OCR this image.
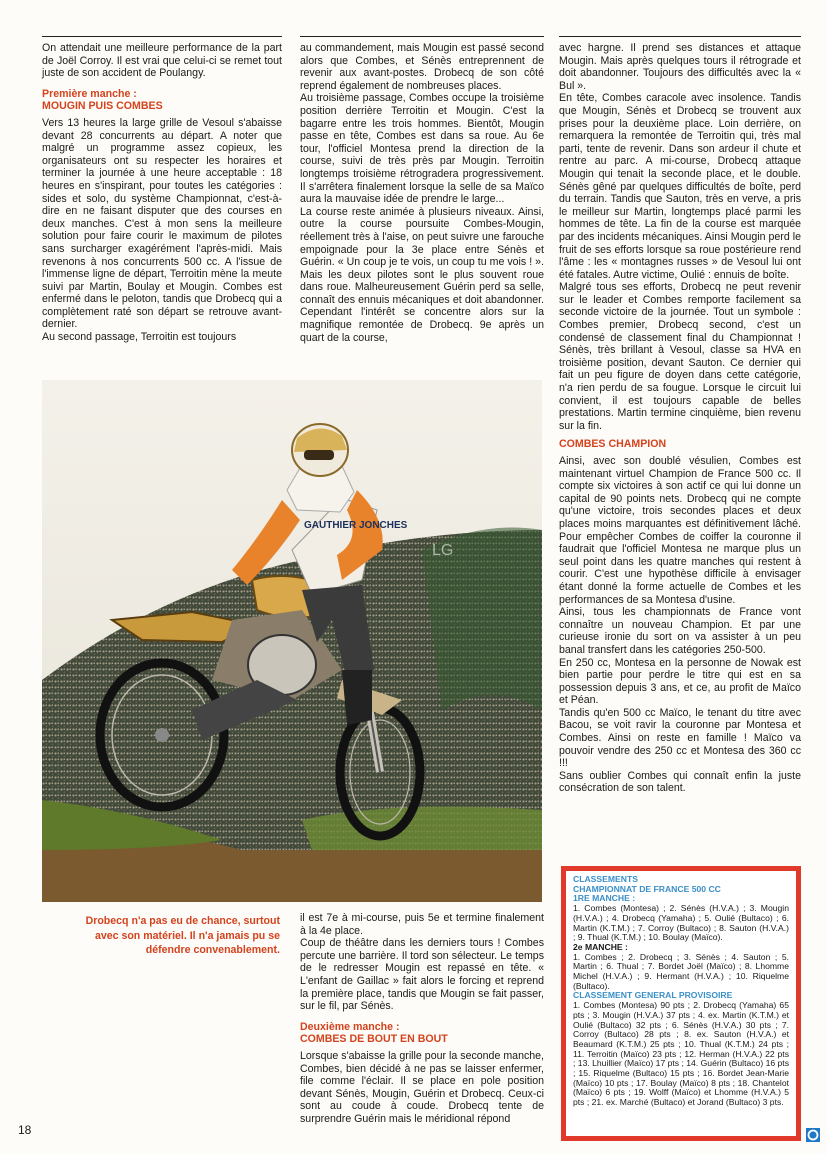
On attendait une meilleure performance de la part de Joël Corroy. Il est vrai que celui-ci se remet tout juste de son accident de Poulangy.

Première manche :

MOUGIN PUIS COMBES

Vers 13 heures la large grille de Vesoul s'abaisse devant 28 concurrents au départ. A noter que malgré un programme assez copieux, les organisateurs ont su respecter les horaires et terminer la journée à une heure acceptable : 18 heures en s'inspirant, pour toutes les catégories : sides et solo, du système Championnat, c'est-à-dire en ne faisant disputer que des courses en deux manches. C'est à mon sens la meilleure solution pour faire courir le maximum de pilotes sans surcharger exagérément l'après-midi. Mais revenons à nos concurrents 500 cc. A l'issue de l'immense ligne de départ, Terroitin mène la meute suivi par Martin, Boulay et Mougin. Combes est enfermé dans le peloton, tandis que Drobecq qui a complètement raté son départ se retrouve avant-dernier.

Au second passage, Terroitin est toujours

au commandement, mais Mougin est passé second alors que Combes, et Sénès entreprennent de revenir aux avant-postes. Drobecq de son côté reprend également de nombreuses places.

Au troisième passage, Combes occupe la troisième position derrière Terroitin et Mougin. C'est la bagarre entre les trois hommes. Bientôt, Mougin passe en tête, Combes est dans sa roue. Au 6e tour, l'officiel Montesa prend la direction de la course, suivi de très près par Mougin. Terroitin longtemps troisième rétrogradera progressivement. Il s'arrêtera finalement lorsque la selle de sa Maïco aura la mauvaise idée de prendre le large...

La course reste animée à plusieurs niveaux. Ainsi, outre la course poursuite Combes-Mougin, réellement très à l'aise, on peut suivre une farouche empoignade pour la 3e place entre Sénès et Guérin. « Un coup je te vois, un coup tu me vois ! ». Mais les deux pilotes sont le plus souvent roue dans roue. Malheureusement Guérin perd sa selle, connaît des ennuis mécaniques et doit abandonner. Cependant l'intérêt se concentre alors sur la magnifique remontée de Drobecq. 9e après un quart de la course,

GAUTHIER JONCHES
LG
Drobecq n'a pas eu de chance, surtout avec son matériel. Il n'a jamais pu se défendre convenablement.

il est 7e à mi-course, puis 5e et termine finalement à la 4e place.

Coup de théâtre dans les derniers tours ! Combes percute une barrière. Il tord son sélecteur. Le temps de le redresser Mougin est repassé en tête. « L'enfant de Gaillac » fait alors le forcing et reprend la première place, tandis que Mougin se fait passer, sur le fil, par Sénès.

Deuxième manche :

COMBES DE BOUT EN BOUT

Lorsque s'abaisse la grille pour la seconde manche, Combes, bien décidé à ne pas se laisser enfermer, file comme l'éclair. Il se place en pole position devant Sénès, Mougin, Guérin et Drobecq. Ceux-ci sont au coude à coude. Drobecq tente de surprendre Guérin mais le méridional répond

avec hargne. Il prend ses distances et attaque Mougin. Mais après quelques tours il rétrograde et doit abandonner. Toujours des difficultés avec la « Bul ».

En tête, Combes caracole avec insolence. Tandis que Mougin, Sénès et Drobecq se trouvent aux prises pour la deuxième place. Loin derrière, on remarquera la remontée de Terroitin qui, très mal parti, tente de revenir. Dans son ardeur il chute et rentre au parc. A mi-course, Drobecq attaque Mougin qui tenait la seconde place, et le double. Sénès gêné par quelques difficultés de boîte, perd du terrain. Tandis que Sauton, très en verve, a pris le meilleur sur Martin, longtemps placé parmi les hommes de tête. La fin de la course est marquée par des incidents mécaniques. Ainsi Mougin perd le fruit de ses efforts lorsque sa roue postérieure rend l'âme : les « montagnes russes » de Vesoul lui ont été fatales. Autre victime, Oulié : ennuis de boîte.

Malgré tous ses efforts, Drobecq ne peut revenir sur le leader et Combes remporte facilement sa seconde victoire de la journée. Tout un symbole : Combes premier, Drobecq second, c'est un condensé de classement final du Championnat ! Sénès, très brillant à Vesoul, classe sa HVA en troisième position, devant Sauton. Ce dernier qui fait un peu figure de doyen dans cette catégorie, n'a rien perdu de sa fougue. Lorsque le circuit lui convient, il est toujours capable de belles prestations. Martin termine cinquième, bien revenu sur la fin.

COMBES CHAMPION

Ainsi, avec son doublé vésulien, Combes est maintenant virtuel Champion de France 500 cc. Il compte six victoires à son actif ce qui lui donne un capital de 90 points nets. Drobecq qui ne compte qu'une victoire, trois secondes places et deux places moins marquantes est définitivement lâché. Pour empêcher Combes de coiffer la couronne il faudrait que l'officiel Montesa ne marque plus un seul point dans les quatre manches qui restent à courir. C'est une hypothèse difficile à envisager étant donné la forme actuelle de Combes et les performances de sa Montesa d'usine.

Ainsi, tous les championnats de France vont connaître un nouveau Champion. Et par une curieuse ironie du sort on va assister à un peu banal transfert dans les catégories 250-500.

En 250 cc, Montesa en la personne de Nowak est bien partie pour perdre le titre qui est en sa possession depuis 3 ans, et ce, au profit de Maïco et Péan.

Tandis qu'en 500 cc Maïco, le tenant du titre avec Bacou, se voit ravir la couronne par Montesa et Combes. Ainsi on reste en famille ! Maïco va pouvoir vendre des 250 cc et Montesa des 360 cc !!!

Sans oublier Combes qui connaît enfin la juste consécration de son talent.

CLASSEMENTS

CHAMPIONNAT DE FRANCE 500 CC

1RE MANCHE :

1. Combes (Montesa) ; 2. Sénès (H.V.A.) ; 3. Mougin (H.V.A.) ; 4. Drobecq (Yamaha) ; 5. Oulié (Bultaco) ; 6. Martin (K.T.M.) ; 7. Corroy (Bultaco) ; 8. Sauton (H.V.A.) ; 9. Thual (K.T.M.) ; 10. Boulay (Maïco).

2e MANCHE :

1. Combes ; 2. Drobecq ; 3. Sénès ; 4. Sauton ; 5. Martin ; 6. Thual ; 7. Bordet Joël (Maïco) ; 8. Lhomme Michel (H.V.A.) ; 9. Hermant (H.V.A.) ; 10. Riquelme (Bultaco).

CLASSEMENT GENERAL PROVISOIRE

1. Combes (Montesa) 90 pts ; 2. Drobecq (Yamaha) 65 pts ; 3. Mougin (H.V.A.) 37 pts ; 4. ex. Martin (K.T.M.) et Oulié (Bultaco) 32 pts ; 6. Sénès (H.V.A.) 30 pts ; 7. Corroy (Bultaco) 28 pts ; 8. ex. Sauton (H.V.A.) et Beaumard (K.T.M.) 25 pts ; 10. Thual (K.T.M.) 24 pts ; 11. Terroitin (Maïco) 23 pts ; 12. Herman (H.V.A.) 22 pts ; 13. Lhuillier (Maïco) 17 pts ; 14. Guérin (Bultaco) 16 pts ; 15. Riquelme (Bultaco) 15 pts ; 16. Bordet Jean-Marie (Maïco) 10 pts ; 17. Boulay (Maïco) 8 pts ; 18. Chantelot (Maïco) 6 pts ; 19. Wolff (Maïco) et Lhomme (H.V.A.) 5 pts ; 21. ex. Marché (Bultaco) et Jorand (Bultaco) 3 pts.

18
